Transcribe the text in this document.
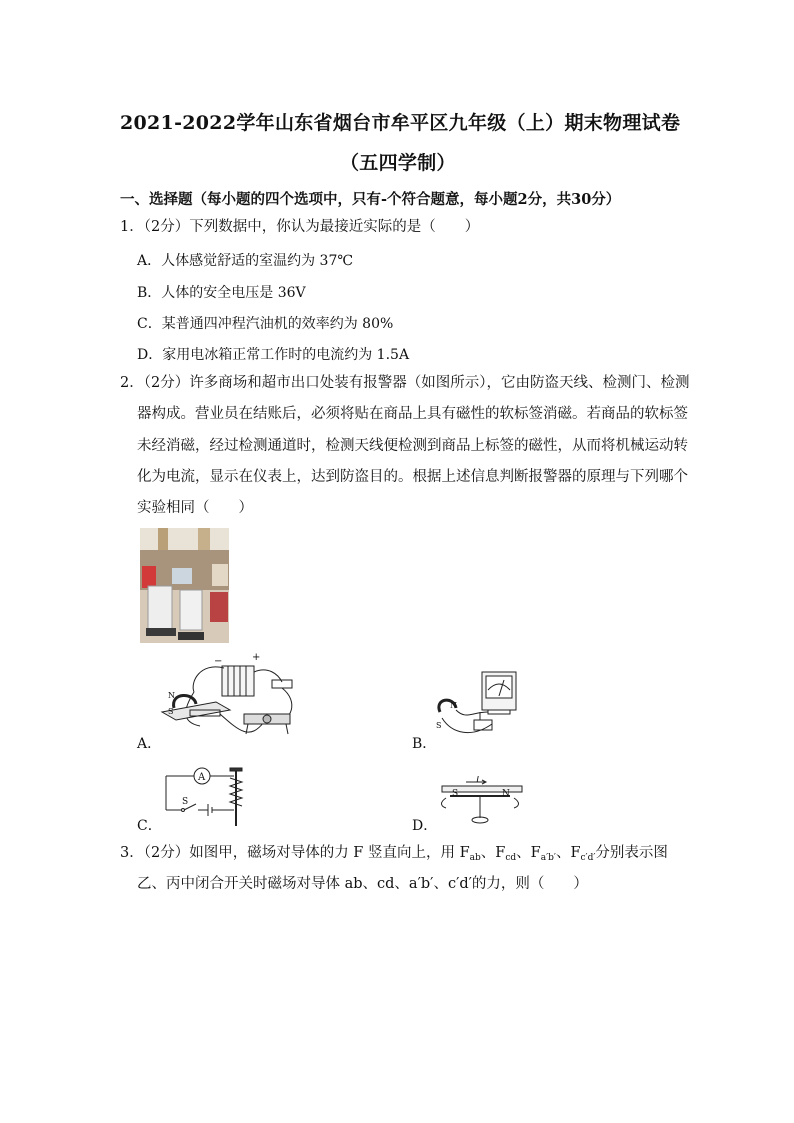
2021-2022学年山东省烟台市牟平区九年级（上）期末物理试卷
（五四学制）
一、选择题（每小题的四个选项中，只有-个符合题意，每小题2分，共30分）
1．（2分）下列数据中，你认为最接近实际的是（　　）
A．人体感觉舒适的室温约为 37℃
B．人体的安全电压是 36V
C．某普通四冲程汽油机的效率约为 80%
D．家用电冰箱正常工作时的电流约为 1.5A
2．（2分）许多商场和超市出口处装有报警器（如图所示），它由防盗天线、检测门、检测
器构成。营业员在结账后，必须将贴在商品上具有磁性的软标签消磁。若商品的软标签
未经消磁，经过检测通道时，检测天线便检测到商品上标签的磁性，从而将机械运动转
化为电流，显示在仪表上，达到防盗目的。根据上述信息判断报警器的原理与下列哪个
实验相同（　　）
−	+
N
S
A．
N
S
B．
A
S
C．
I
S	N
D．
3．（2分）如图甲，磁场对导体的力 F 竖直向上，用 $F_{ab}$、$F_{cd}$、$F_{a'b'}$、$F_{c'd'}$分别表示图
乙、丙中闭合开关时磁场对导体 ab、cd、a′b′、c′d′的力，则（　　）
